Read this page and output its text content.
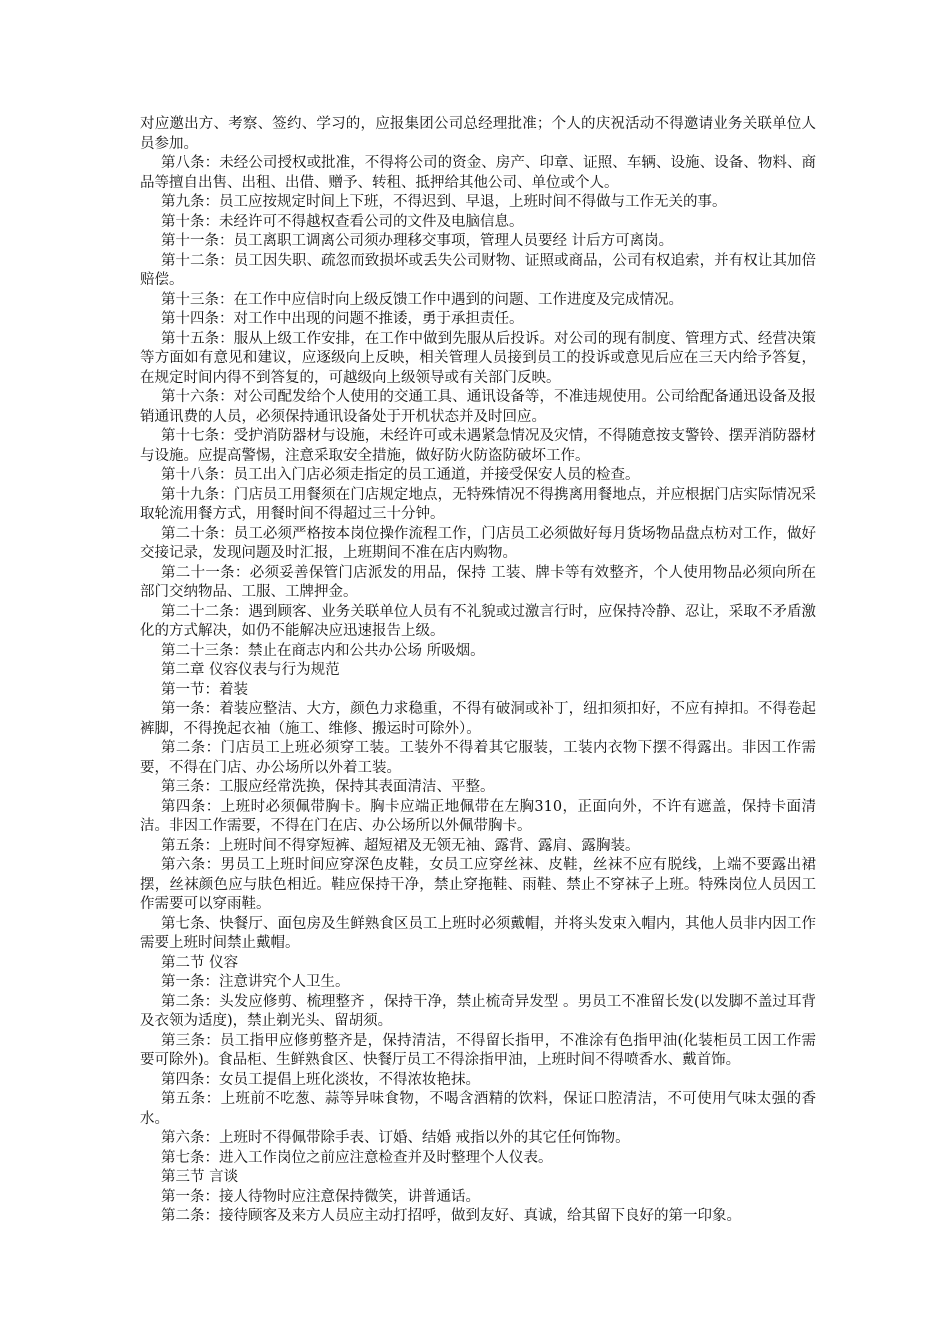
对应邀出方、考察、签约、学习的，应报集团公司总经理批准；个人的庆祝活动不得邀请业务关联单位人员参加。

第八条：未经公司授权或批准，不得将公司的资金、房产、印章、证照、车辆、设施、设备、物料、商品等擅自出售、出租、出借、赠予、转租、抵押给其他公司、单位或个人。

第九条：员工应按规定时间上下班，不得迟到、早退，上班时间不得做与工作无关的事。

第十条：未经许可不得越权查看公司的文件及电脑信息。

第十一条：员工离职工调离公司须办理移交事项，管理人员要经 计后方可离岗。

第十二条：员工因失职、疏忽而致损坏或丢失公司财物、证照或商品，公司有权追索，并有权让其加倍赔偿。

第十三条：在工作中应信时向上级反馈工作中遇到的问题、工作进度及完成情况。

第十四条：对工作中出现的问题不推诿，勇于承担责任。

第十五条：服从上级工作安排，在工作中做到先服从后投诉。对公司的现有制度、管理方式、经营决策等方面如有意见和建议，应逐级向上反映，相关管理人员接到员工的投诉或意见后应在三天内给予答复，在规定时间内得不到答复的，可越级向上级领导或有关部门反映。

第十六条：对公司配发给个人使用的交通工具、通讯设备等，不准违规使用。公司给配备通迅设备及报销通讯费的人员，必须保持通讯设备处于开机状态并及时回应。

第十七条：受护消防器材与设施，未经许可或未遇紧急情况及灾情，不得随意按支警铃、摆弄消防器材与设施。应提高警惕，注意采取安全措施，做好防火防盗防破坏工作。

第十八条：员工出入门店必须走指定的员工通道，并接受保安人员的检查。

第十九条：门店员工用餐须在门店规定地点，无特殊情况不得携离用餐地点，并应根据门店实际情况采取轮流用餐方式，用餐时间不得超过三十分钟。

第二十条：员工必须严格按本岗位操作流程工作，门店员工必须做好每月货场物品盘点枋对工作，做好交接记录，发现问题及时汇报，上班期间不准在店内购物。

第二十一条：必须妥善保管门店派发的用品，保持 工装、牌卡等有效整齐，个人使用物品必须向所在部门交纳物品、工服、工牌押金。

第二十二条：遇到顾客、业务关联单位人员有不礼貌或过激言行时，应保持冷静、忍让，采取不矛盾激化的方式解决，如仍不能解决应迅速报告上级。

第二十三条：禁止在商志内和公共办公场 所吸烟。

第二章 仪容仪表与行为规范

第一节：着装

第一条：着装应整洁、大方，颜色力求稳重，不得有破洞或补丁，纽扣须扣好，不应有掉扣。不得卷起裤脚，不得挽起衣袖（施工、维修、搬运时可除外）。

第二条：门店员工上班必须穿工装。工装外不得着其它服装，工装内衣物下摆不得露出。非因工作需要，不得在门店、办公场所以外着工装。

第三条：工服应经常洗换，保持其表面清洁、平整。

第四条：上班时必须佩带胸卡。胸卡应端正地佩带在左胸310，正面向外，不许有遮盖，保持卡面清洁。非因工作需要，不得在门在店、办公场所以外佩带胸卡。

第五条：上班时间不得穿短裤、超短裙及无领无袖、露背、露肩、露胸装。

第六条：男员工上班时间应穿深色皮鞋，女员工应穿丝袜、皮鞋，丝袜不应有脱线，上端不要露出裙摆，丝袜颜色应与肤色相近。鞋应保持干净，禁止穿拖鞋、雨鞋、禁止不穿袜子上班。特殊岗位人员因工作需要可以穿雨鞋。

第七条、快餐厅、面包房及生鲜熟食区员工上班时必须戴帽，并将头发束入帽内，其他人员非内因工作需要上班时间禁止戴帽。

第二节 仪容

第一条：注意讲究个人卫生。

第二条：头发应修剪、梳理整齐 ，保持干净，禁止梳奇异发型 。男员工不准留长发(以发脚不盖过耳背及衣领为适度)，禁止剃光头、留胡须。

第三条：员工指甲应修剪整齐是，保持清洁，不得留长指甲，不准涂有色指甲油(化装柜员工因工作需要可除外)。食品柜、生鲜熟食区、快餐厅员工不得涂指甲油，上班时间不得喷香水、戴首饰。

第四条：女员工提倡上班化淡妆，不得浓妆艳抹。

第五条：上班前不吃葱、蒜等异味食物，不喝含酒精的饮料，保证口腔清洁，不可使用气味太强的香水。

第六条：上班时不得佩带除手表、订婚、结婚 戒指以外的其它任何饰物。

第七条：进入工作岗位之前应注意检查并及时整理个人仪表。

第三节 言谈

第一条：接人待物时应注意保持微笑，讲普通话。

第二条：接待顾客及来方人员应主动打招呼，做到友好、真诚，给其留下良好的第一印象。
